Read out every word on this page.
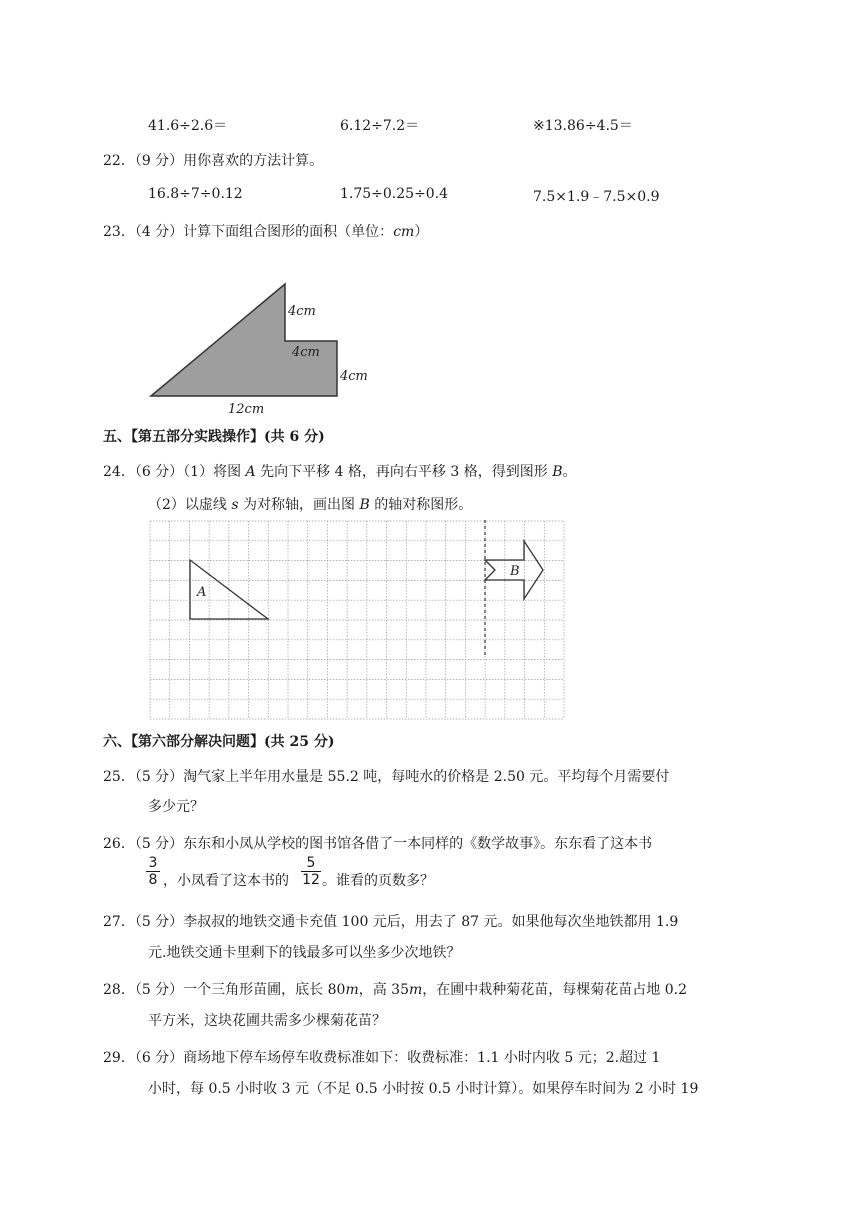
41.6÷2.6＝	6.12÷7.2＝	※13.86÷4.5＝
22．（9 分）用你喜欢的方法计算。
16.8÷7÷0.12	1.75÷0.25÷0.4	7.5×1.9﹣7.5×0.9
23．（4 分）计算下面组合图形的面积（单位：cm）
4cm
4cm
4cm
12cm
五、【第五部分实践操作】(共 6 分)
24．（6 分）（1）将图 A 先向下平移 4 格，再向右平移 3 格，得到图形 B。
（2）以虚线 s 为对称轴，画出图 B 的轴对称图形。
A
B
六、【第六部分解决问题】(共 25 分)
25．（5 分）淘气家上半年用水量是 55.2 吨，每吨水的价格是 2.50 元。平均每个月需要付
多少元？
26．（5 分）东东和小凤从学校的图书馆各借了一本同样的《数学故事》。东东看了这本书
3
8 ，小凤看了这本书的
5
12 。谁看的页数多？
27．（5 分）李叔叔的地铁交通卡充值 100 元后，用去了 87 元。如果他每次坐地铁都用 1.9
元.地铁交通卡里剩下的钱最多可以坐多少次地铁？
28．（5 分）一个三角形苗圃，底长 80m，高 35m，在圃中栽种菊花苗，每棵菊花苗占地 0.2
平方米，这块花圃共需多少棵菊花苗？
29．（6 分）商场地下停车场停车收费标准如下：收费标准：1.1 小时内收 5 元；2.超过 1
小时，每 0.5 小时收 3 元（不足 0.5 小时按 0.5 小时计算）。如果停车时间为 2 小时 19
